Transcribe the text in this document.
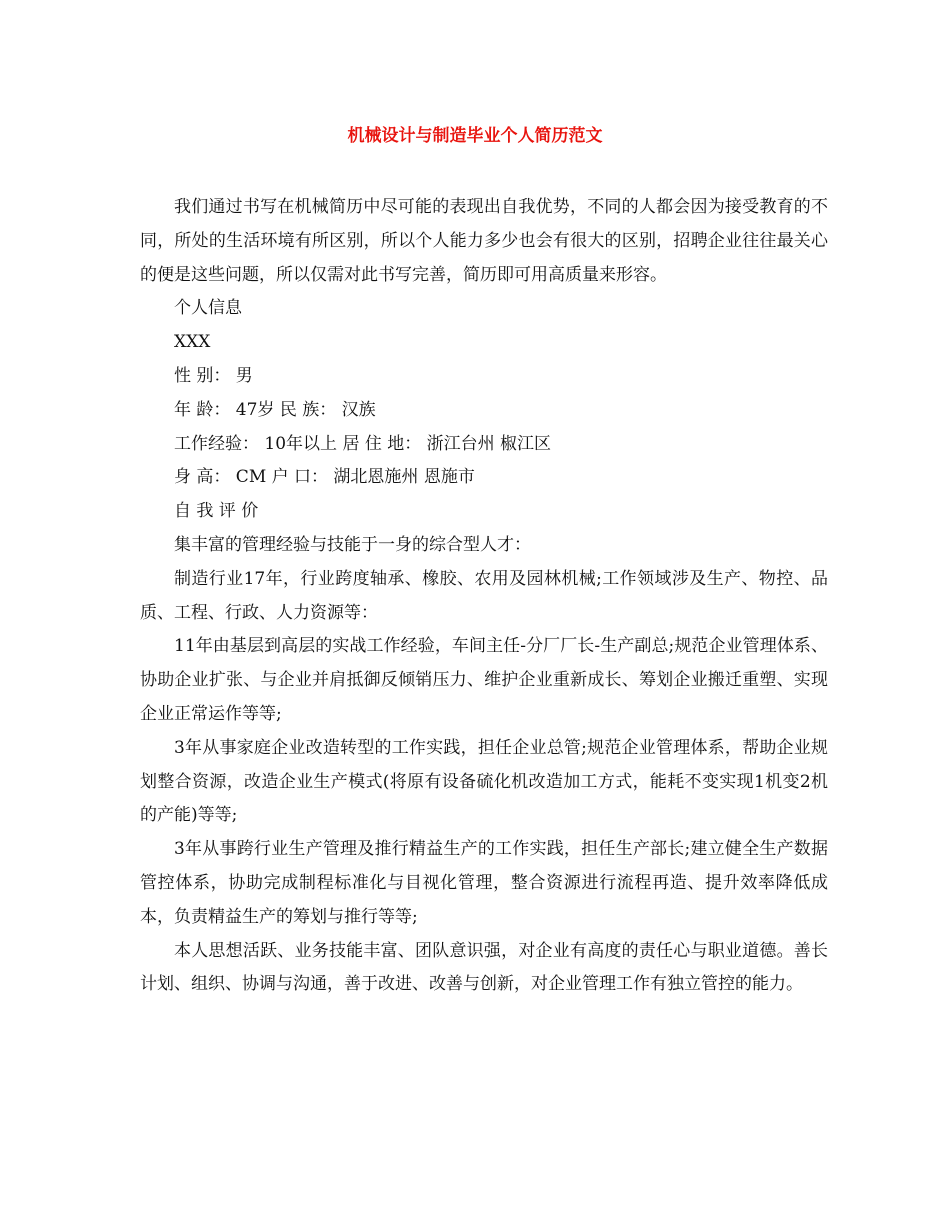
机械设计与制造毕业个人简历范文

我们通过书写在机械简历中尽可能的表现出自我优势，不同的人都会因为接受教育的不同，所处的生活环境有所区别，所以个人能力多少也会有很大的区别，招聘企业往往最关心的便是这些问题，所以仅需对此书写完善，简历即可用高质量来形容。

个人信息

XXX

性 别： 男

年 龄： 47岁 民 族： 汉族

工作经验： 10年以上 居 住 地： 浙江台州 椒江区

身 高： CM 户 口： 湖北恩施州 恩施市

自 我 评 价

集丰富的管理经验与技能于一身的综合型人才：

制造行业17年，行业跨度轴承、橡胶、农用及园林机械;工作领域涉及生产、物控、品质、工程、行政、人力资源等：

11年由基层到高层的实战工作经验，车间主任-分厂厂长-生产副总;规范企业管理体系、协助企业扩张、与企业并肩抵御反倾销压力、维护企业重新成长、筹划企业搬迁重塑、实现企业正常运作等等;

3年从事家庭企业改造转型的工作实践，担任企业总管;规范企业管理体系，帮助企业规划整合资源，改造企业生产模式(将原有设备硫化机改造加工方式，能耗不变实现1机变2机的产能)等等;

3年从事跨行业生产管理及推行精益生产的工作实践，担任生产部长;建立健全生产数据管控体系，协助完成制程标准化与目视化管理，整合资源进行流程再造、提升效率降低成本，负责精益生产的筹划与推行等等;

本人思想活跃、业务技能丰富、团队意识强，对企业有高度的责任心与职业道德。善长计划、组织、协调与沟通，善于改进、改善与创新，对企业管理工作有独立管控的能力。
